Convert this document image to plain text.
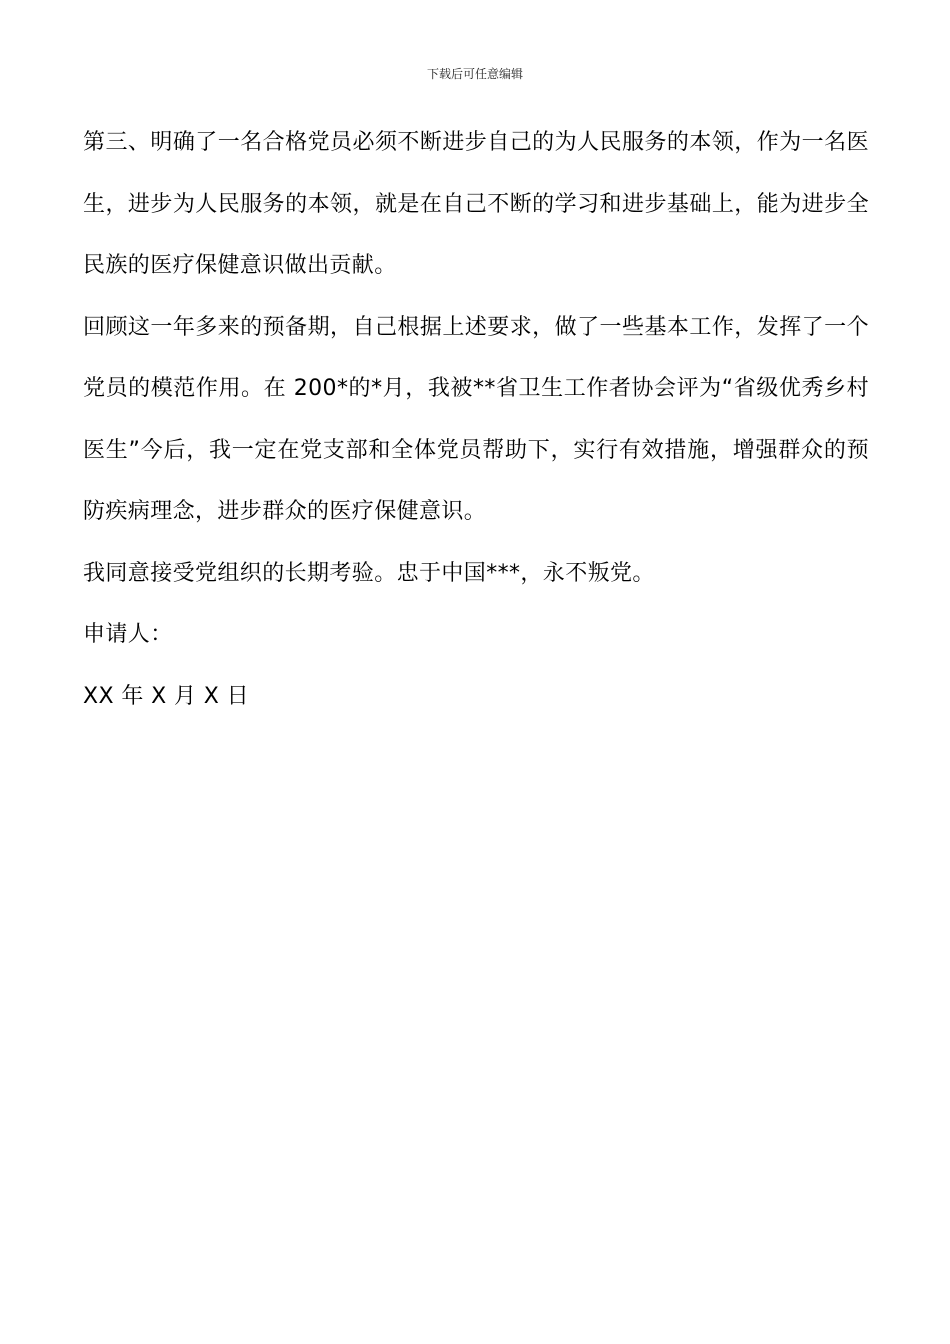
下载后可任意编辑

第三、明确了一名合格党员必须不断进步自己的为人民服务的本领，作为一名医生，进步为人民服务的本领，就是在自己不断的学习和进步基础上，能为进步全民族的医疗保健意识做出贡献。

回顾这一年多来的预备期，自己根据上述要求，做了一些基本工作，发挥了一个党员的模范作用。在 200*的*月，我被**省卫生工作者协会评为“省级优秀乡村医生”今后，我一定在党支部和全体党员帮助下，实行有效措施，增强群众的预防疾病理念，进步群众的医疗保健意识。

我同意接受党组织的长期考验。忠于中国***，永不叛党。

申请人：

XX 年 X 月 X 日
